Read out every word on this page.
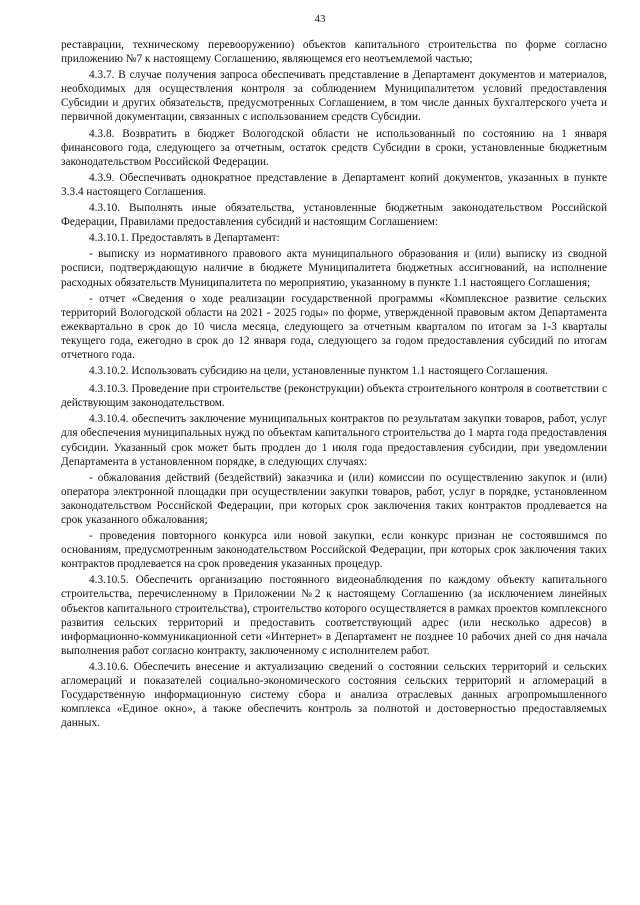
43

реставрации, техническому перевооружению) объектов капитального строительства по форме согласно приложению №7 к настоящему Соглашению, являющемся его неотъемлемой частью;

4.3.7. В случае получения запроса обеспечивать представление в Департамент документов и материалов, необходимых для осуществления контроля за соблюдением Муниципалитетом условий предоставления Субсидии и других обязательств, предусмотренных Соглашением, в том числе данных бухгалтерского учета и первичной документации, связанных с использованием средств Субсидии.

4.3.8. Возвратить в бюджет Вологодской области не использованный по состоянию на 1 января финансового года, следующего за отчетным, остаток средств Субсидии в сроки, установленные бюджетным законодательством Российской Федерации.

4.3.9. Обеспечивать однократное представление в Департамент копий документов, указанных в пункте 3.3.4 настоящего Соглашения.

4.3.10. Выполнять иные обязательства, установленные бюджетным законодательством Российской Федерации, Правилами предоставления субсидий и настоящим Соглашением:

4.3.10.1. Предоставлять в Департамент:

- выписку из нормативного правового акта муниципального образования и (или) выписку из сводной росписи, подтверждающую наличие в бюджете Муниципалитета бюджетных ассигнований, на исполнение расходных обязательств Муниципалитета по мероприятию, указанному в пункте 1.1 настоящего Соглашения;

- отчет «Сведения о ходе реализации государственной программы «Комплексное развитие сельских территорий Вологодской области на 2021 - 2025 годы» по форме, утвержденной правовым актом Департамента ежеквартально в срок до 10 числа месяца, следующего за отчетным кварталом по итогам за 1-3 кварталы текущего года, ежегодно в срок до 12 января года, следующего за годом предоставления субсидий по итогам отчетного года.

4.3.10.2. Использовать субсидию на цели, установленные пунктом 1.1 настоящего Соглашения.

4.3.10.3. Проведение при строительстве (реконструкции) объекта строительного контроля в соответствии с действующим законодательством.

4.3.10.4. обеспечить заключение муниципальных контрактов по результатам закупки товаров, работ, услуг для обеспечения муниципальных нужд по объектам капитального строительства до 1 марта года предоставления субсидии. Указанный срок может быть продлен до 1 июля года предоставления субсидии, при уведомлении Департамента в установленном порядке, в следующих случаях:

- обжалования действий (бездействий) заказчика и (или) комиссии по осуществлению закупок и (или) оператора электронной площадки при осуществлении закупки товаров, работ, услуг в порядке, установленном законодательством Российской Федерации, при которых срок заключения таких контрактов продлевается на срок указанного обжалования;

- проведения повторного конкурса или новой закупки, если конкурс признан не состоявшимся по основаниям, предусмотренным законодательством Российской Федерации, при которых срок заключения таких контрактов продлевается на срок проведения указанных процедур.

4.3.10.5. Обеспечить организацию постоянного видеонаблюдения по каждому объекту капитального строительства, перечисленному в Приложении №2 к настоящему Соглашению (за исключением линейных объектов капитального строительства), строительство которого осуществляется в рамках проектов комплексного развития сельских территорий и предоставить соответствующий адрес (или несколько адресов) в информационно-коммуникационной сети «Интернет» в Департамент не позднее 10 рабочих дней со дня начала выполнения работ согласно контракту, заключенному с исполнителем работ.

4.3.10.6. Обеспечить внесение и актуализацию сведений о состоянии сельских территорий и сельских агломераций и показателей социально-экономического состояния сельских территорий и агломераций в Государственную информационную систему сбора и анализа отраслевых данных агропромышленного комплекса «Единое окно», а также обеспечить контроль за полнотой и достоверностью предоставляемых данных.
